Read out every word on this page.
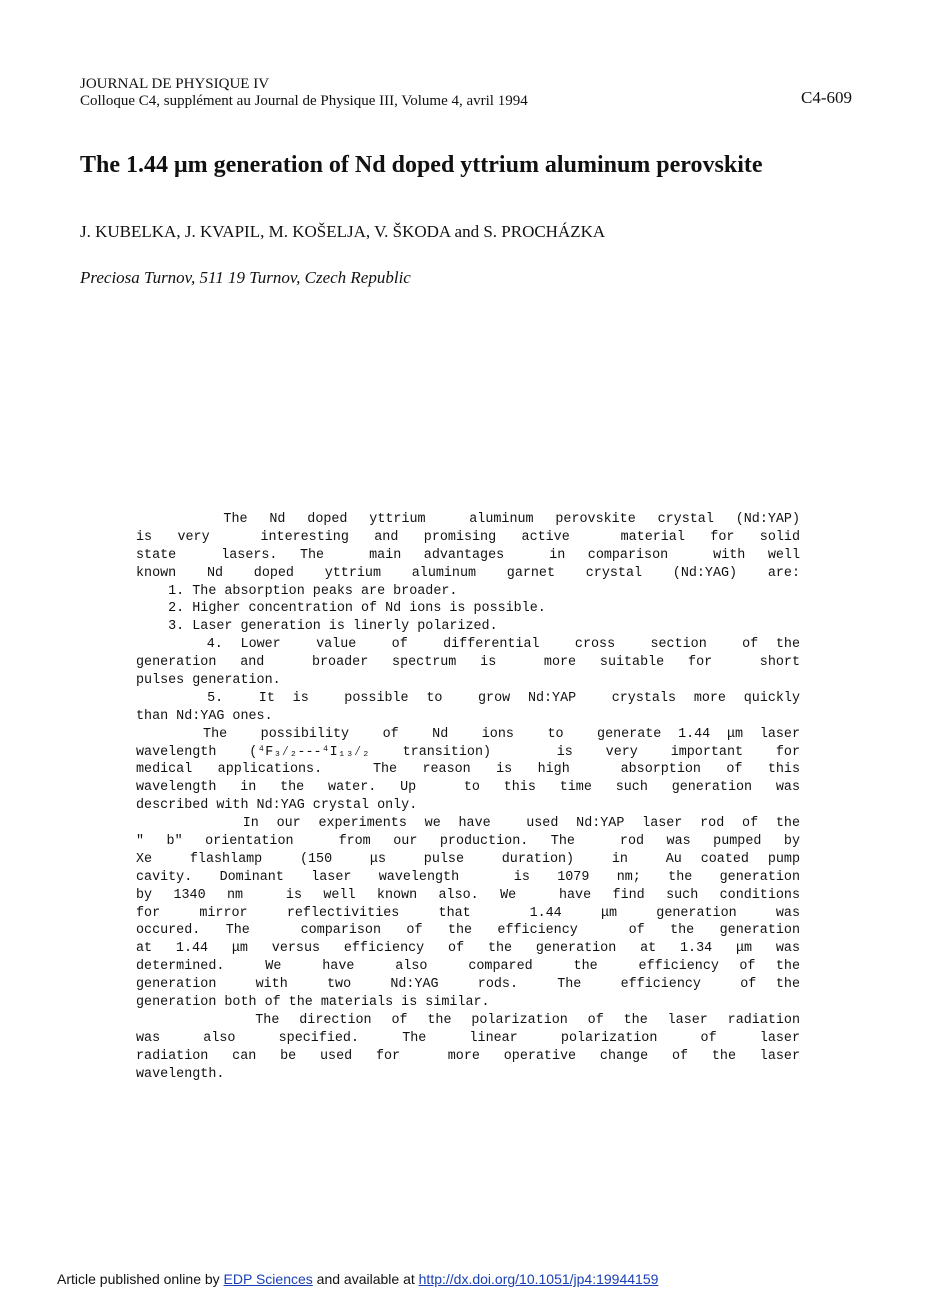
JOURNAL DE PHYSIQUE IV
Colloque C4, supplément au Journal de Physique III, Volume 4, avril 1994	C4-609
The 1.44 μm generation of Nd doped yttrium aluminum perovskite
J. KUBELKA, J. KVAPIL, M. KOŠELJA, V. ŠKODA and S. PROCHÁZKA
Preciosa Turnov, 511 19 Turnov, Czech Republic
The Nd doped yttrium  aluminum perovskite crystal (Nd:YAP)
is very  interesting and promising active  material for solid
state  lasers. The  main advantages  in comparison  with well
known Nd doped yttrium aluminum garnet crystal (Nd:YAG) are:
1. The absorption peaks are broader.
2. Higher concentration of Nd ions is possible.
3. Laser generation is linerly polarized.
4. Lower  value  of  differential  cross  section  of the
generation and  broader spectrum is  more suitable for  short
pulses generation.
5.  It is  possible to  grow Nd:YAP  crystals more quickly
than Nd:YAG ones.
The  possibility  of  Nd  ions  to  generate 1.44 μm laser
wavelength (⁴F₃⁄₂---⁴I₁₃⁄₂ transition)  is very important for
medical applications.  The reason is high  absorption of this
wavelength in the water. Up  to this time such generation was
described with Nd:YAG crystal only.
In our experiments we have  used Nd:YAP laser rod of the
" b" orientation  from our production. The  rod was pumped by
Xe  flashlamp  (150  μs  pulse  duration)  in  Au coated pump
cavity. Dominant laser wavelength  is 1079 nm; the generation
by 1340 nm  is well known also. We  have find such conditions
for  mirror  reflectivities  that   1.44  μm  generation  was
occured. The  comparison of the efficiency  of the generation
at 1.44 μm versus efficiency of the generation at 1.34 μm was
determined.  We  have  also  compared  the  efficiency of the
generation  with  two  Nd:YAG  rods.  The  efficiency  of the
generation both of the materials is similar.
The direction of the polarization of the laser radiation
was  also  specified.  The  linear  polarization  of  laser
radiation can be used for  more operative change of the laser
wavelength.
Article published online by EDP Sciences and available at http://dx.doi.org/10.1051/jp4:19944159
